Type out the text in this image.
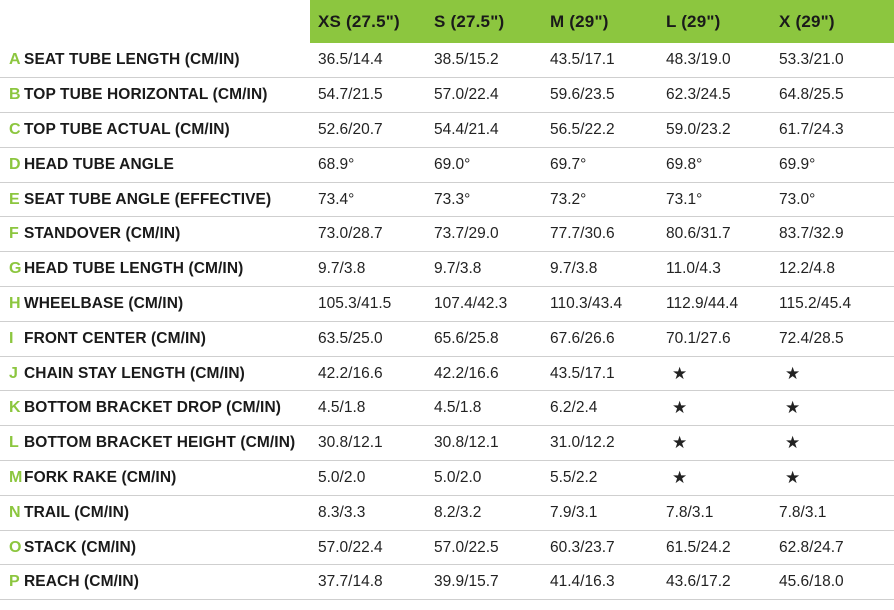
		XS (27.5")	S (27.5")	M (29")	L (29")	X (29")
A	SEAT TUBE LENGTH (CM/IN)	36.5/14.4	38.5/15.2	43.5/17.1	48.3/19.0	53.3/21.0
B	TOP TUBE HORIZONTAL (CM/IN)	54.7/21.5	57.0/22.4	59.6/23.5	62.3/24.5	64.8/25.5
C	TOP TUBE ACTUAL (CM/IN)	52.6/20.7	54.4/21.4	56.5/22.2	59.0/23.2	61.7/24.3
D	HEAD TUBE ANGLE	68.9°	69.0°	69.7°	69.8°	69.9°
E	SEAT TUBE ANGLE (EFFECTIVE)	73.4°	73.3°	73.2°	73.1°	73.0°
F	STANDOVER (CM/IN)	73.0/28.7	73.7/29.0	77.7/30.6	80.6/31.7	83.7/32.9
G	HEAD TUBE LENGTH (CM/IN)	9.7/3.8	9.7/3.8	9.7/3.8	11.0/4.3	12.2/4.8
H	WHEELBASE (CM/IN)	105.3/41.5	107.4/42.3	110.3/43.4	112.9/44.4	115.2/45.4
I	FRONT CENTER (CM/IN)	63.5/25.0	65.6/25.8	67.6/26.6	70.1/27.6	72.4/28.5
J	CHAIN STAY LENGTH (CM/IN)	42.2/16.6	42.2/16.6	43.5/17.1	★	★
K	BOTTOM BRACKET DROP (CM/IN)	4.5/1.8	4.5/1.8	6.2/2.4	★	★
L	BOTTOM BRACKET HEIGHT (CM/IN)	30.8/12.1	30.8/12.1	31.0/12.2	★	★
M	FORK RAKE (CM/IN)	5.0/2.0	5.0/2.0	5.5/2.2	★	★
N	TRAIL (CM/IN)	8.3/3.3	8.2/3.2	7.9/3.1	7.8/3.1	7.8/3.1
O	STACK (CM/IN)	57.0/22.4	57.0/22.5	60.3/23.7	61.5/24.2	62.8/24.7
P	REACH (CM/IN)	37.7/14.8	39.9/15.7	41.4/16.3	43.6/17.2	45.6/18.0
